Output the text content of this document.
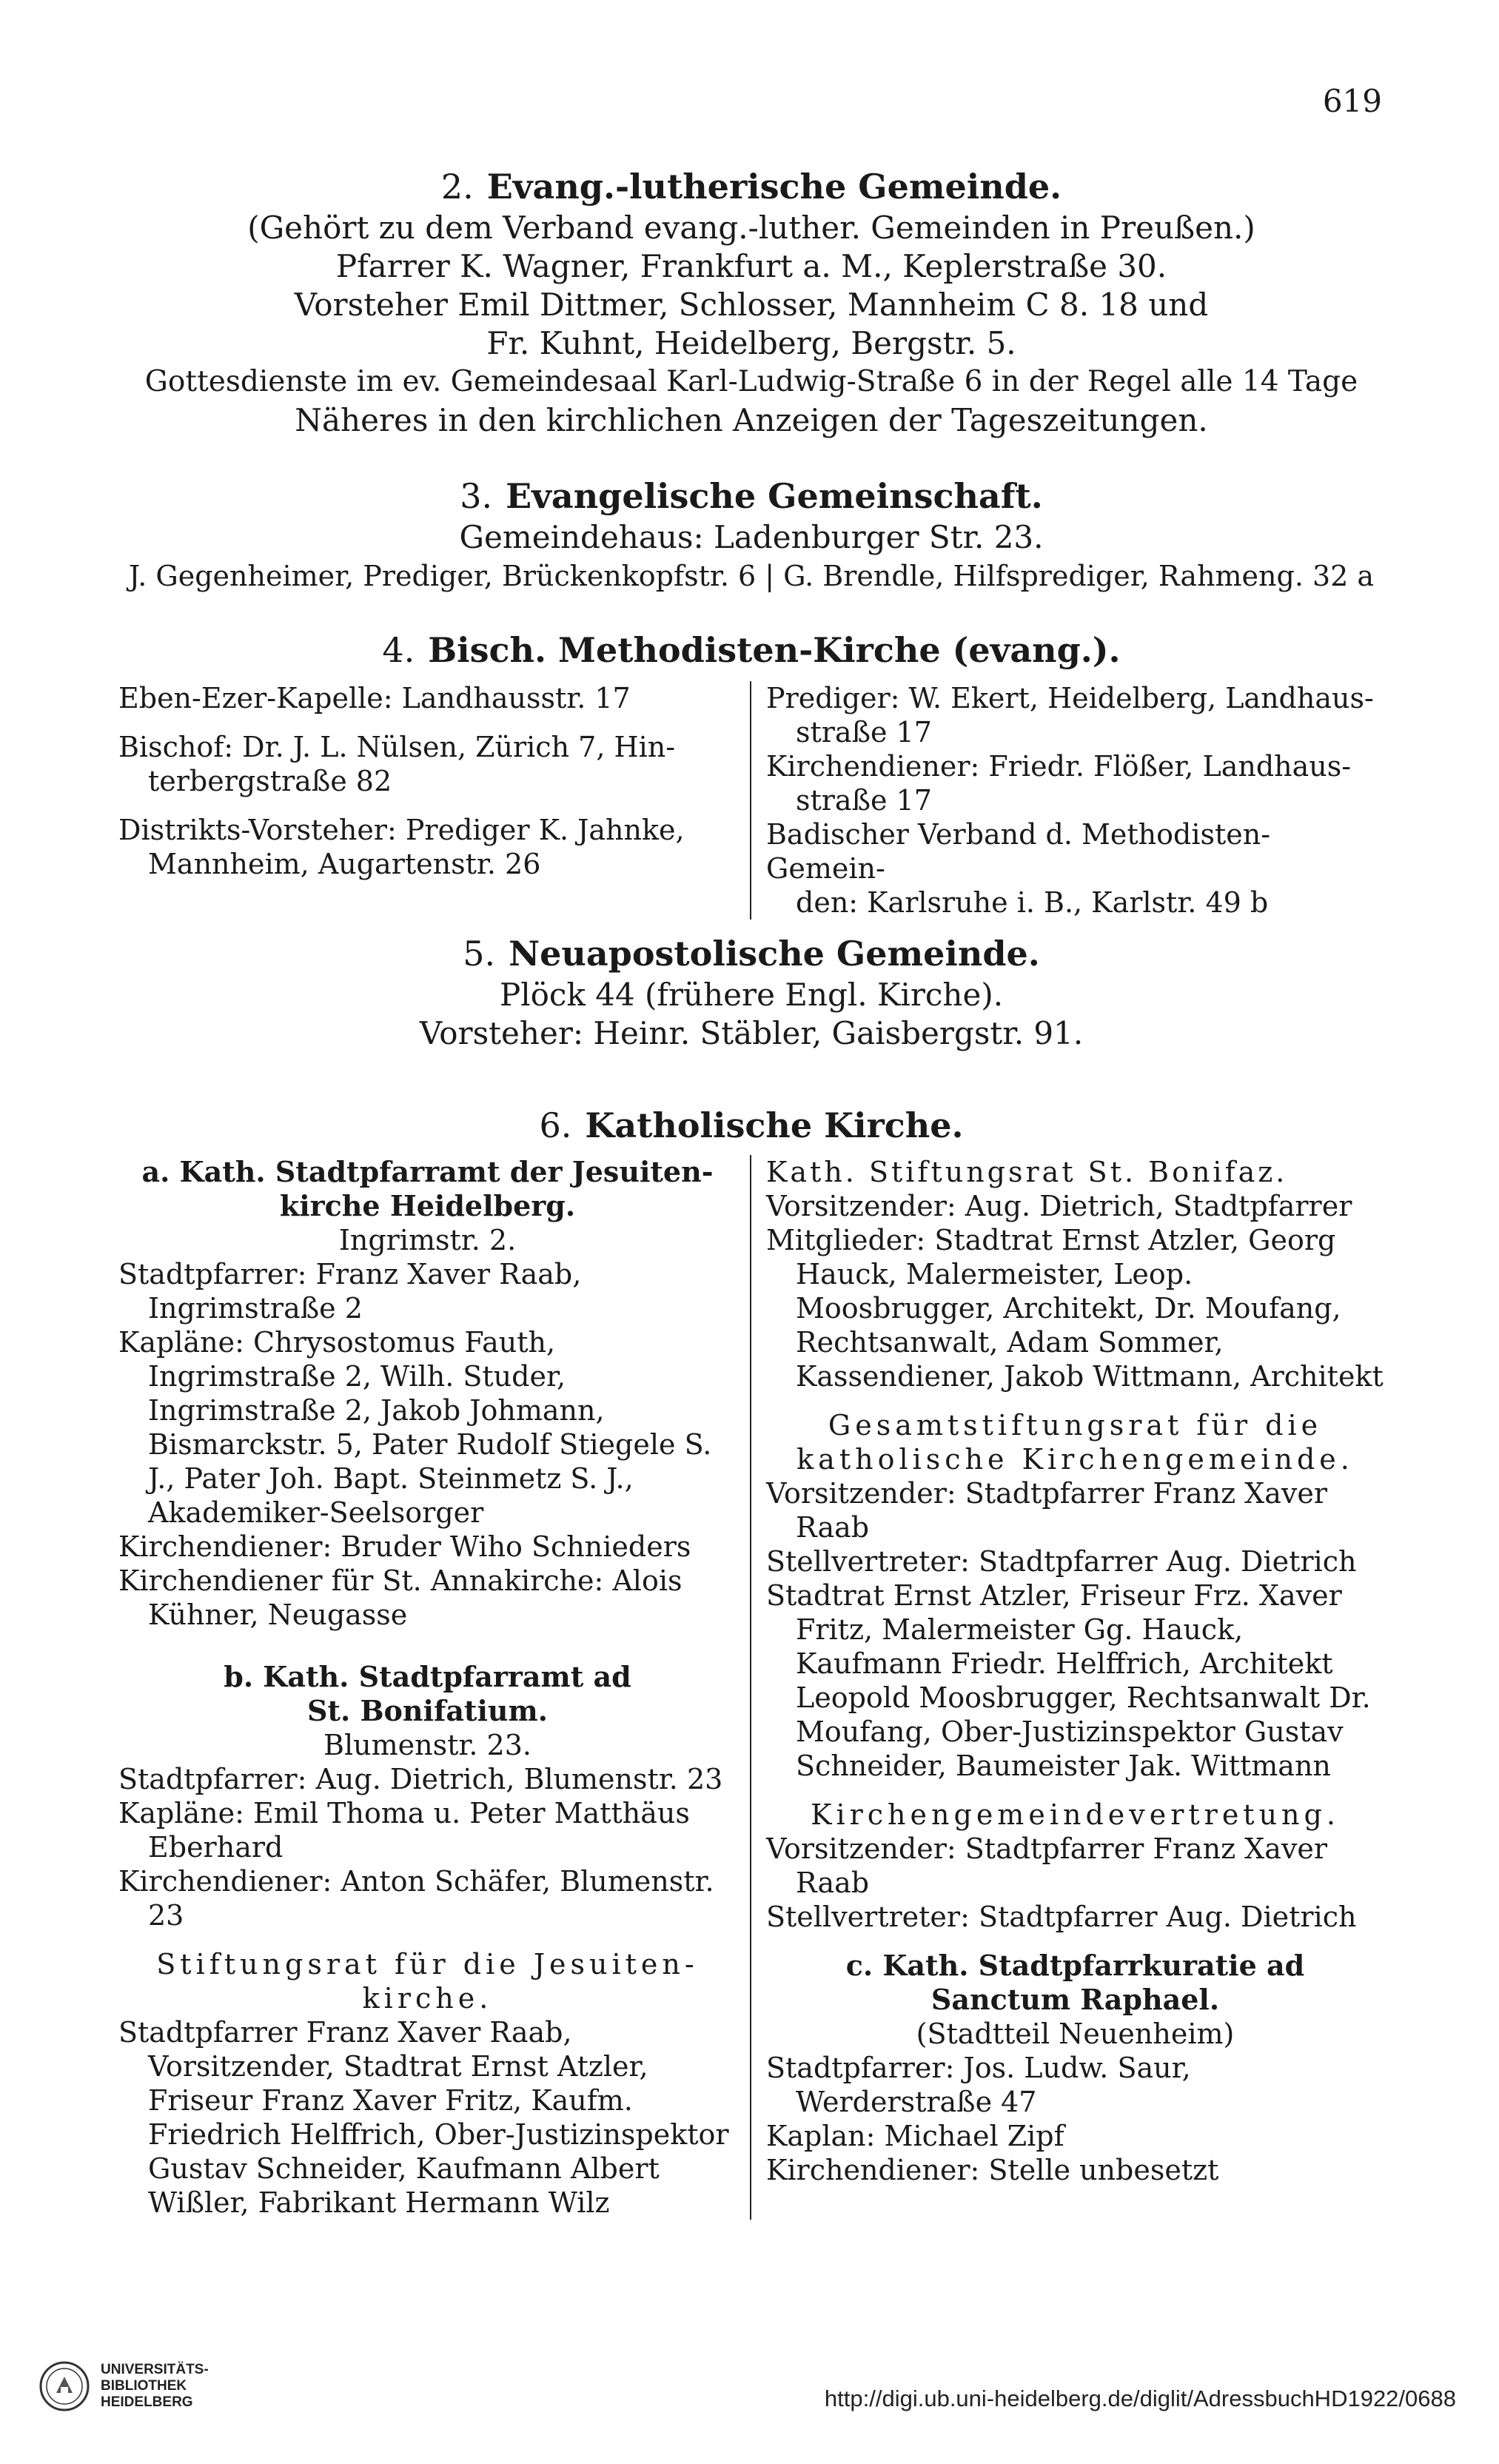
619
2. Evang.-lutherische Gemeinde.
(Gehört zu dem Verband evang.-luther. Gemeinden in Preußen.)
Pfarrer K. Wagner, Frankfurt a. M., Keplerstraße 30.
Vorsteher Emil Dittmer, Schlosser, Mannheim C 8. 18 und
Fr. Kuhnt, Heidelberg, Bergstr. 5.
Gottesdienste im ev. Gemeindesaal Karl-Ludwig-Straße 6 in der Regel alle 14 Tage
Näheres in den kirchlichen Anzeigen der Tageszeitungen.
3. Evangelische Gemeinschaft.
Gemeindehaus: Ladenburger Str. 23.
J. Gegenheimer, Prediger, Brückenkopfstr. 6 | G. Brendle, Hilfsprediger, Rahmeng. 32 a
4. Bisch. Methodisten-Kirche (evang.).

Eben-Ezer-Kapelle: Landhausstr. 17

Bischof: Dr. J. L. Nülsen, Zürich 7, Hin-
terbergstraße 82

Distrikts-Vorsteher: Prediger K. Jahnke,
Mannheim, Augartenstr. 26

Prediger: W. Ekert, Heidelberg, Landhaus-
straße 17

Kirchendiener: Friedr. Flößer, Landhaus-
straße 17

Badischer Verband d. Methodisten-Gemein-
den: Karlsruhe i. B., Karlstr. 49 b

5. Neuapostolische Gemeinde.
Plöck 44 (frühere Engl. Kirche).
Vorsteher: Heinr. Stäbler, Gaisbergstr. 91.
6. Katholische Kirche.
a. Kath. Stadtpfarramt der Jesuiten-
kirche Heidelberg.
Ingrimstr. 2.

Stadtpfarrer: Franz Xaver Raab, Ingrimstraße 2

Kapläne: Chrysostomus Fauth, Ingrimstraße 2, Wilh. Studer, Ingrimstraße 2, Jakob Johmann, Bismarckstr. 5, Pater Rudolf Stiegele S. J., Pater Joh. Bapt. Steinmetz S. J., Akademiker-Seelsorger

Kirchendiener: Bruder Wiho Schnieders

Kirchendiener für St. Annakirche: Alois Kühner, Neugasse

b. Kath. Stadtpfarramt ad
St. Bonifatium.
Blumenstr. 23.

Stadtpfarrer: Aug. Dietrich, Blumenstr. 23

Kapläne: Emil Thoma u. Peter Matthäus Eberhard

Kirchendiener: Anton Schäfer, Blumenstr. 23

Stiftungsrat für die Jesuiten-
kirche.

Stadtpfarrer Franz Xaver Raab, Vorsitzender, Stadtrat Ernst Atzler, Friseur Franz Xaver Fritz, Kaufm. Friedrich Helffrich, Ober-Justizinspektor Gustav Schneider, Kaufmann Albert Wißler, Fabrikant Hermann Wilz

Kath. Stiftungsrat St. Bonifaz.

Vorsitzender: Aug. Dietrich, Stadtpfarrer

Mitglieder: Stadtrat Ernst Atzler, Georg Hauck, Malermeister, Leop. Moosbrugger, Architekt, Dr. Moufang, Rechtsanwalt, Adam Sommer, Kassendiener, Jakob Wittmann, Architekt

Gesamtstiftungsrat für die
katholische Kirchengemeinde.

Vorsitzender: Stadtpfarrer Franz Xaver Raab

Stellvertreter: Stadtpfarrer Aug. Dietrich

Stadtrat Ernst Atzler, Friseur Frz. Xaver Fritz, Malermeister Gg. Hauck, Kaufmann Friedr. Helffrich, Architekt Leopold Moosbrugger, Rechtsanwalt Dr. Moufang, Ober-Justizinspektor Gustav Schneider, Baumeister Jak. Wittmann

Kirchengemeindevertretung.

Vorsitzender: Stadtpfarrer Franz Xaver Raab

Stellvertreter: Stadtpfarrer Aug. Dietrich

c. Kath. Stadtpfarrkuratie ad
Sanctum Raphael.
(Stadtteil Neuenheim)

Stadtpfarrer: Jos. Ludw. Saur, Werderstraße 47

Kaplan: Michael Zipf

Kirchendiener: Stelle unbesetzt

UNIVERSITÄTS-
BIBLIOTHEK
HEIDELBERG	http://digi.ub.uni-heidelberg.de/diglit/AdressbuchHD1922/0688
